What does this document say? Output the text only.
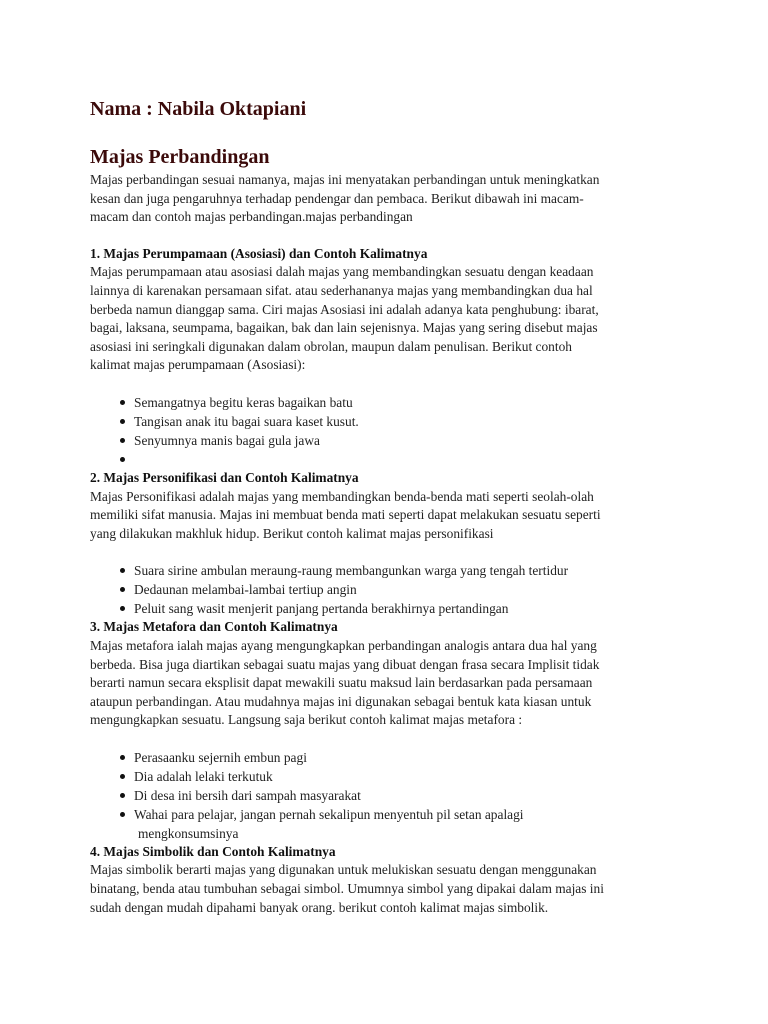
Nama : Nabila Oktapiani
Majas Perbandingan

Majas perbandingan sesuai namanya, majas ini menyatakan perbandingan untuk meningkatkan

kesan dan juga pengaruhnya terhadap pendengar dan pembaca. Berikut dibawah ini macam-

macam dan contoh majas perbandingan.majas perbandingan

1. Majas Perumpamaan (Asosiasi) dan Contoh Kalimatnya

Majas perumpamaan atau asosiasi dalah majas yang membandingkan sesuatu dengan keadaan

lainnya di karenakan persamaan sifat. atau sederhananya majas yang membandingkan dua hal

berbeda namun dianggap sama. Ciri majas Asosiasi ini adalah adanya kata penghubung: ibarat,

bagai, laksana, seumpama, bagaikan, bak dan lain sejenisnya. Majas yang sering disebut majas

asosiasi ini seringkali digunakan dalam obrolan, maupun dalam penulisan. Berikut contoh

kalimat majas perumpamaan (Asosiasi):

Semangatnya begitu keras bagaikan batu
Tangisan anak itu bagai suara kaset kusut.
Senyumnya manis bagai gula jawa
2. Majas Personifikasi dan Contoh Kalimatnya

Majas Personifikasi adalah majas yang membandingkan benda-benda mati seperti seolah-olah

memiliki sifat manusia. Majas ini membuat benda mati seperti dapat melakukan sesuatu seperti

yang dilakukan makhluk hidup. Berikut contoh kalimat majas personifikasi

Suara sirine ambulan meraung-raung membangunkan warga yang tengah tertidur
Dedaunan melambai-lambai tertiup angin
Peluit sang wasit menjerit panjang pertanda berakhirnya pertandingan
3. Majas Metafora dan Contoh Kalimatnya

Majas metafora ialah majas ayang mengungkapkan perbandingan analogis antara dua hal yang

berbeda. Bisa juga diartikan sebagai suatu majas yang dibuat dengan frasa secara Implisit tidak

berarti namun secara eksplisit dapat mewakili suatu maksud lain berdasarkan pada persamaan

ataupun perbandingan. Atau mudahnya majas ini digunakan sebagai bentuk kata kiasan untuk

mengungkapkan sesuatu. Langsung saja berikut contoh kalimat majas metafora :

Perasaanku sejernih embun pagi
Dia adalah lelaki terkutuk
Di desa ini bersih dari sampah masyarakat
Wahai para pelajar, jangan pernah sekalipun menyentuh pil setan apalagi
mengkonsumsinya
4. Majas Simbolik dan Contoh Kalimatnya

Majas simbolik berarti majas yang digunakan untuk melukiskan sesuatu dengan menggunakan

binatang, benda atau tumbuhan sebagai simbol. Umumnya simbol yang dipakai dalam majas ini

sudah dengan mudah dipahami banyak orang. berikut contoh kalimat majas simbolik.
